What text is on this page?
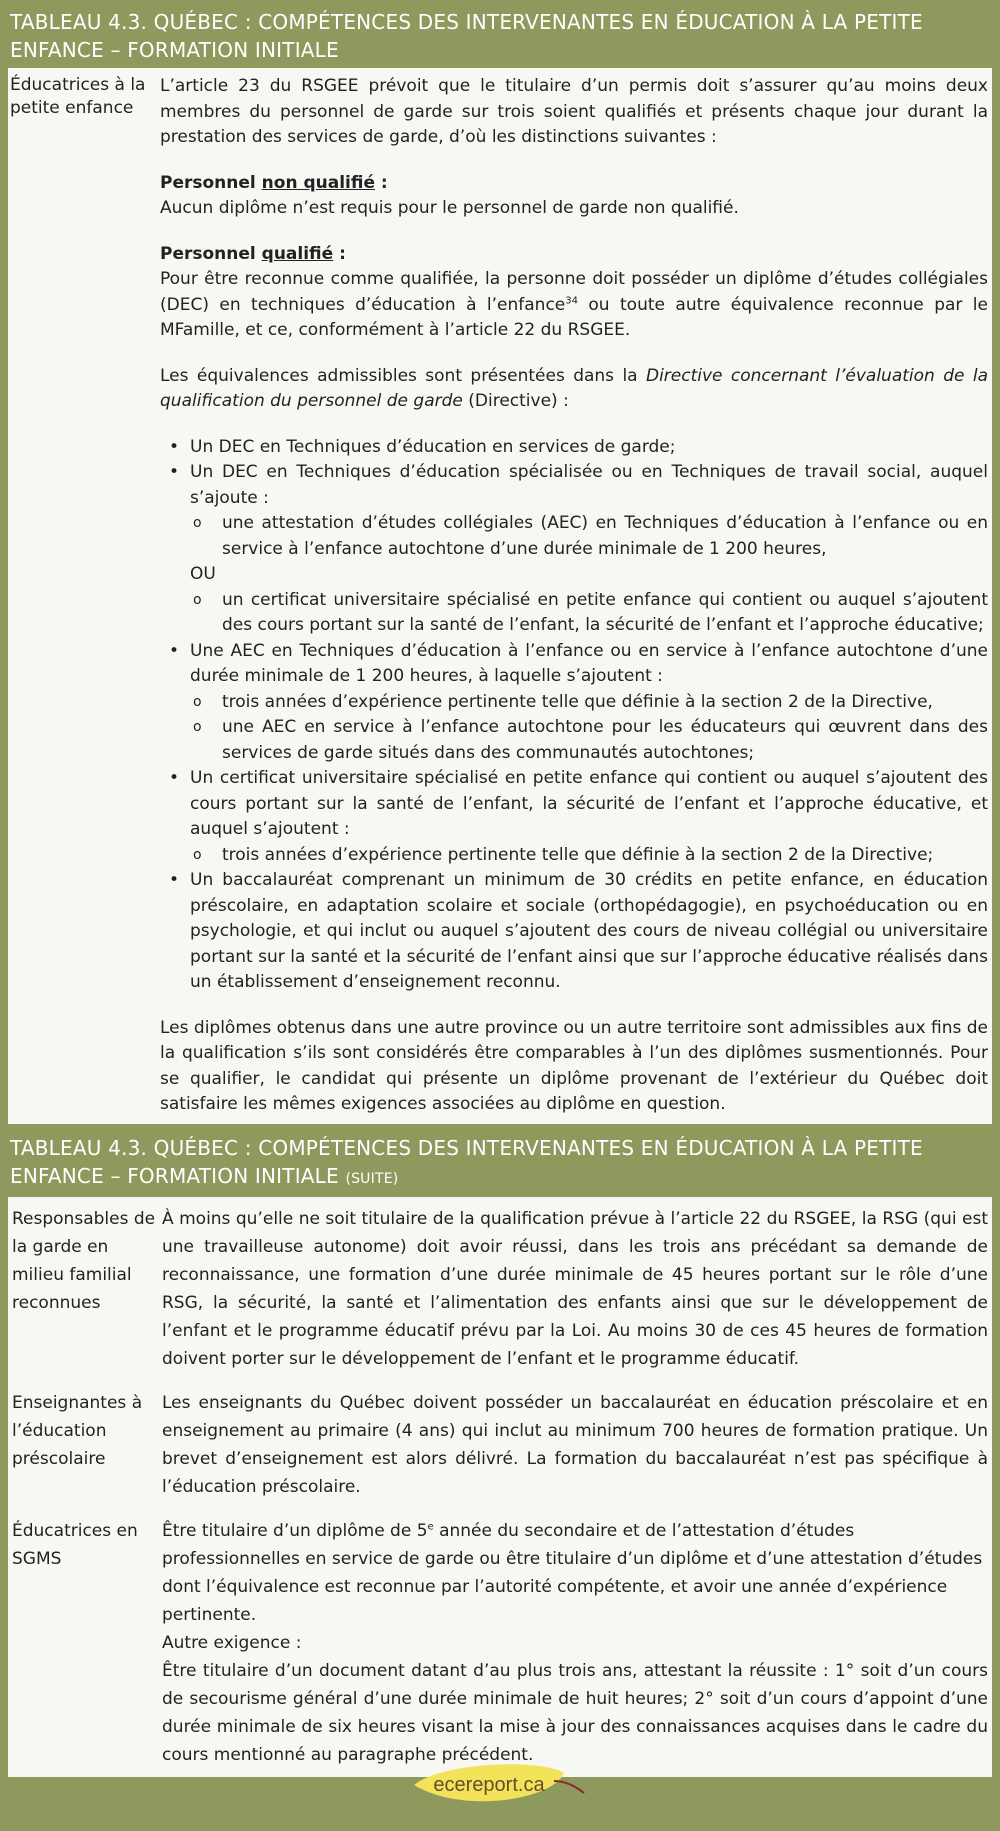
TABLEAU 4.3. QUÉBEC : COMPÉTENCES DES INTERVENANTES EN ÉDUCATION À LA PETITE ENFANCE – FORMATION INITIALE
Éducatrices à la petite enfance

L’article 23 du RSGEE prévoit que le titulaire d’un permis doit s’assurer qu’au moins deux membres du personnel de garde sur trois soient qualifiés et présents chaque jour durant la prestation des services de garde, d’où les distinctions suivantes :

Personnel non qualifié :

Aucun diplôme n’est requis pour le personnel de garde non qualifié.

Personnel qualifié :

Pour être reconnue comme qualifiée, la personne doit posséder un diplôme d’études collégiales (DEC) en techniques d’éducation à l’enfance$^{34}$ ou toute autre équivalence reconnue par le MFamille, et ce, conformément à l’article 22 du RSGEE.

Les équivalences admissibles sont présentées dans la Directive concernant l’évaluation de la qualification du personnel de garde (Directive) :

• Un DEC en Techniques d’éducation en services de garde;
• Un DEC en Techniques d’éducation spécialisée ou en Techniques de travail social, auquel s’ajoute :
o une attestation d’études collégiales (AEC) en Techniques d’éducation à l’enfance ou en service à l’enfance autochtone d’une durée minimale de 1 200 heures,
OU
o un certificat universitaire spécialisé en petite enfance qui contient ou auquel s’ajoutent des cours portant sur la santé de l’enfant, la sécurité de l’enfant et l’approche éducative;
• Une AEC en Techniques d’éducation à l’enfance ou en service à l’enfance autochtone d’une durée minimale de 1 200 heures, à laquelle s’ajoutent :
o trois années d’expérience pertinente telle que définie à la section 2 de la Directive,
o une AEC en service à l’enfance autochtone pour les éducateurs qui œuvrent dans des services de garde situés dans des communautés autochtones;
• Un certificat universitaire spécialisé en petite enfance qui contient ou auquel s’ajoutent des cours portant sur la santé de l’enfant, la sécurité de l’enfant et l’approche éducative, et auquel s’ajoutent :
o trois années d’expérience pertinente telle que définie à la section 2 de la Directive;
• Un baccalauréat comprenant un minimum de 30 crédits en petite enfance, en éducation préscolaire, en adaptation scolaire et sociale (orthopédagogie), en psychoéducation ou en psychologie, et qui inclut ou auquel s’ajoutent des cours de niveau collégial ou universitaire portant sur la santé et la sécurité de l’enfant ainsi que sur l’approche éducative réalisés dans un établissement d’enseignement reconnu.

Les diplômes obtenus dans une autre province ou un autre territoire sont admissibles aux fins de la qualification s’ils sont considérés être comparables à l’un des diplômes susmentionnés. Pour se qualifier, le candidat qui présente un diplôme provenant de l’extérieur du Québec doit satisfaire les mêmes exigences associées au diplôme en question.

TABLEAU 4.3. QUÉBEC : COMPÉTENCES DES INTERVENANTES EN ÉDUCATION À LA PETITE ENFANCE – FORMATION INITIALE (SUITE)
Responsables de la garde en milieu familial reconnues
À moins qu’elle ne soit titulaire de la qualification prévue à l’article 22 du RSGEE, la RSG (qui est une travailleuse autonome) doit avoir réussi, dans les trois ans précédant sa demande de reconnaissance, une formation d’une durée minimale de 45 heures portant sur le rôle d’une RSG, la sécurité, la santé et l’alimentation des enfants ainsi que sur le développement de l’enfant et le programme éducatif prévu par la Loi. Au moins 30 de ces 45 heures de formation doivent porter sur le développement de l’enfant et le programme éducatif.
Enseignantes à l’éducation préscolaire
Les enseignants du Québec doivent posséder un baccalauréat en éducation préscolaire et en enseignement au primaire (4 ans) qui inclut au minimum 700 heures de formation pratique. Un brevet d’enseignement est alors délivré. La formation du baccalauréat n’est pas spécifique à l’éducation préscolaire.
Éducatrices en SGMS
Être titulaire d’un diplôme de 5e année du secondaire et de l’attestation d’études professionnelles en service de garde ou être titulaire d’un diplôme et d’une attestation d’études dont l’équivalence est reconnue par l’autorité compétente, et avoir une année d’expérience pertinente.
Autre exigence :
Être titulaire d’un document datant d’au plus trois ans, attestant la réussite : 1° soit d’un cours de secourisme général d’une durée minimale de huit heures; 2° soit d’un cours d’appoint d’une durée minimale de six heures visant la mise à jour des connaissances acquises dans le cadre du cours mentionné au paragraphe précédent.
ecereport.ca
